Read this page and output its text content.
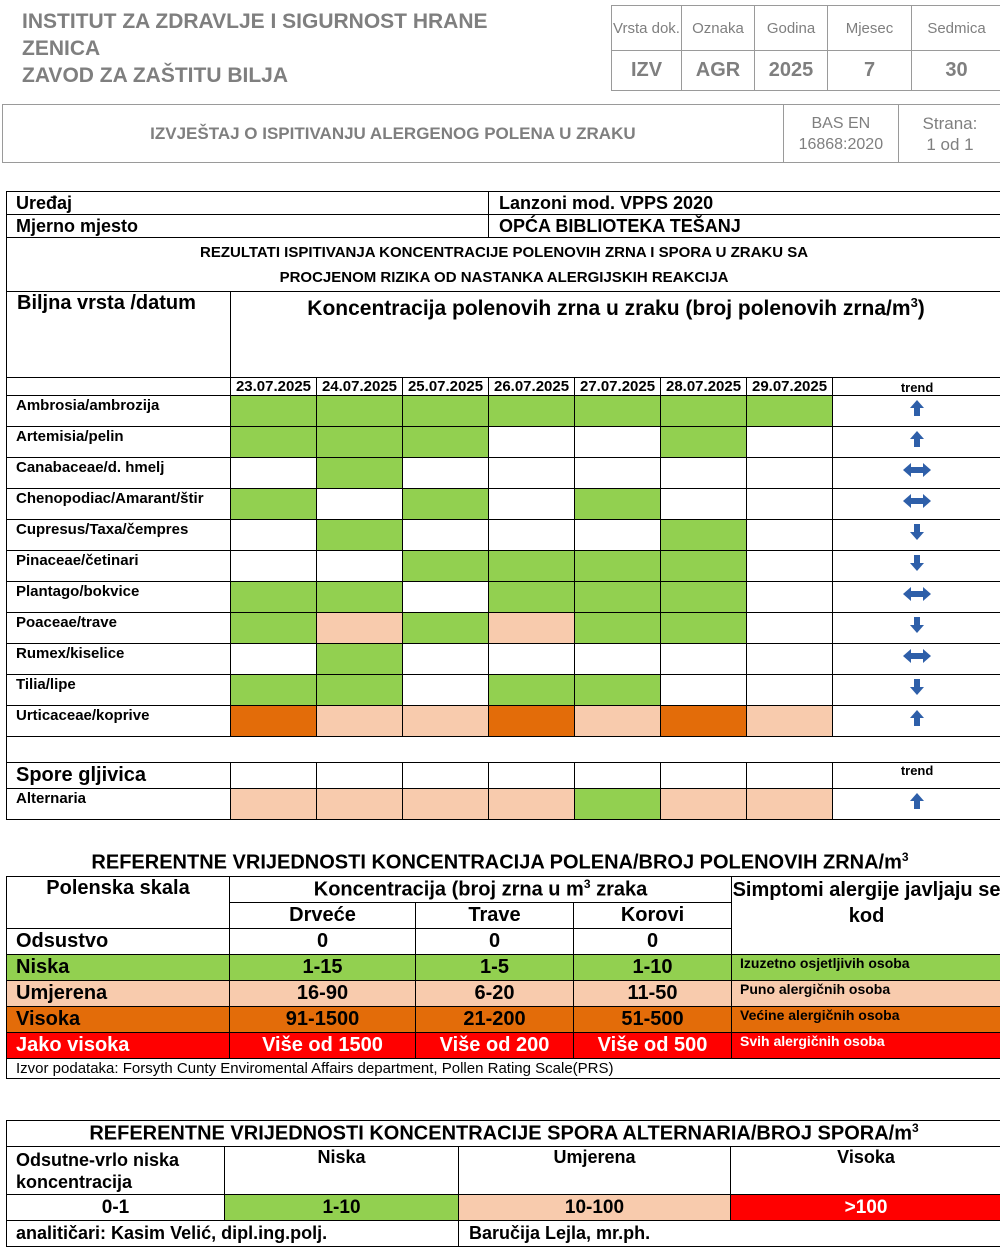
INSTITUT ZA ZDRAVLJE I SIGURNOST HRANE
ZENICA
ZAVOD ZA ZAŠTITU BILJA
Vrsta dok.	Oznaka	Godina	Mjesec	Sedmica
IZV	AGR	2025	7	30
IZVJEŠTAJ O ISPITIVANJU ALERGENOG POLENA U ZRAKU	
BAS EN
16868:2020

Strana:
1 od 1
Uređaj				Lanzoni mod. VPPS 2020				
Mjerno mjesto				OPĆA BIBLIOTEKA TEŠANJ				

REZULTATI ISPITIVANJA KONCENTRACIJE POLENOVIH ZRNA I SPORA U ZRAKU SA
PROCJENOM RIZIKA OD NASTANKA ALERGIJSKIH REAKCIJA								

Biljna vrsta /datum	Koncentracija polenovih zrna u zraku (broj polenovih zrna/$m^3$)							
	23.07.2025	24.07.2025	25.07.2025	26.07.2025	27.07.2025	28.07.2025	29.07.2025	trend
Ambrosia/ambrozija								
Artemisia/pelin								
Canabaceae/d. hmelj								
Chenopodiac/Amarant/štir								
Cupresus/Taxa/čempres								
Pinaceae/četinari								
Plantago/bokvice								
Poaceae/trave								
Rumex/kiselice								
Tilia/lipe								
Urticaceae/koprive								

Spore gljivica								trend
Alternaria								
REFERENTNE VRIJEDNOSTI KONCENTRACIJA POLENA/BROJ POLENOVIH ZRNA/$m^3$
Polenska skala	Koncentracija (broj zrna u $m^3$ zraka			Simptomi alergije javljaju se kod
	Drveće	Trave	Korovi	
Odsustvo	0	0	0	
Niska	1-15	1-5	1-10	Izuzetno osjetljivih osoba
Umjerena	16-90	6-20	11-50	Puno alergičnih osoba
Visoka	91-1500	21-200	51-500	Većine alergičnih osoba
Jako visoka	Više od 1500	Više od 200	Više od 500	Svih alergičnih osoba
Izvor podataka: Forsyth Cunty Enviromental Affairs department, Pollen Rating Scale(PRS)				
REFERENTNE VRIJEDNOSTI KONCENTRACIJE SPORA ALTERNARIA/BROJ SPORA/$m^3$
Odsutne-vrlo niska koncentracija	Niska	Umjerena	Visoka
0-1	1-10	10-100	>100
analitičari: Kasim Velić, dipl.ing.polj.		Baručija Lejla, mr.ph.	
